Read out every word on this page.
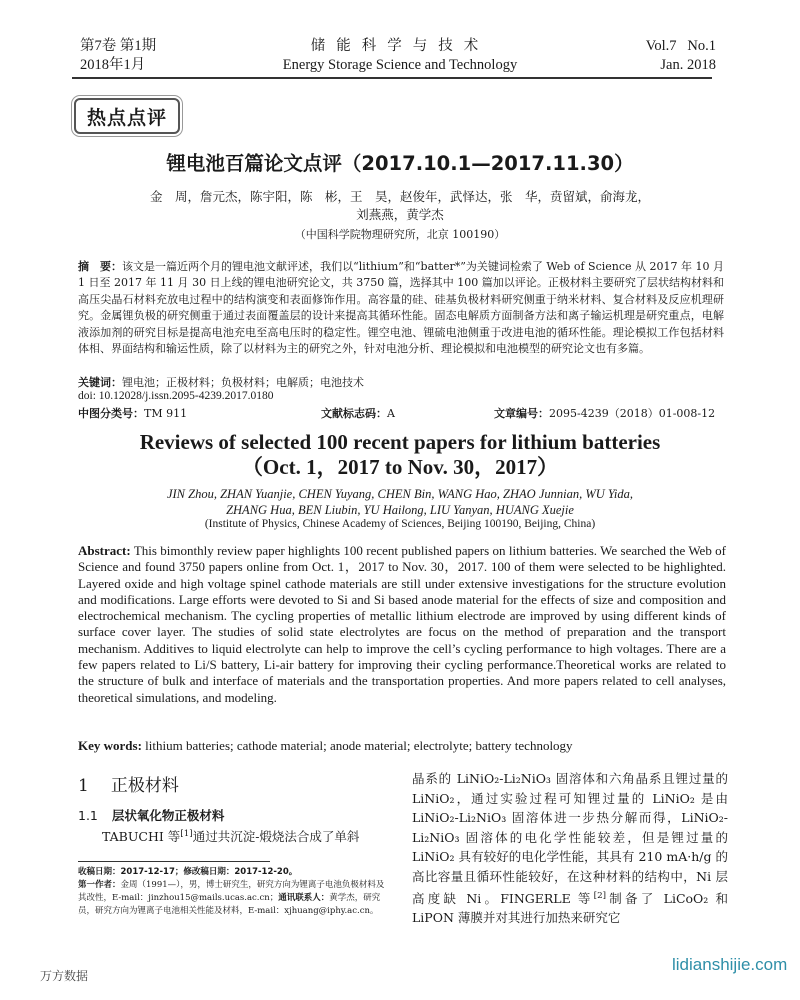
第7卷 第1期
2018年1月
储能科学与技术
Energy Storage Science and Technology
Vol.7   No.1
Jan. 2018
热点点评
锂电池百篇论文点评（2017.10.1—2017.11.30）
金　周，詹元杰，陈宇阳，陈　彬，王　昊，赵俊年，武怿达，张　华，贲留斌，俞海龙，
刘燕燕，黄学杰
（中国科学院物理研究所，北京 100190）
摘　要：该文是一篇近两个月的锂电池文献评述，我们以“lithium”和“batter*”为关键词检索了 Web of Science 从 2017 年 10 月 1 日至 2017 年 11 月 30 日上线的锂电池研究论文，共 3750 篇，选择其中 100 篇加以评论。正极材料主要研究了层状结构材料和高压尖晶石材料充放电过程中的结构演变和表面修饰作用。高容量的硅、硅基负极材料研究侧重于纳米材料、复合材料及反应机理研究。金属锂负极的研究侧重于通过表面覆盖层的设计来提高其循环性能。固态电解质方面制备方法和离子输运机理是研究重点，电解液添加剂的研究目标是提高电池充电至高电压时的稳定性。锂空电池、锂硫电池侧重于改进电池的循环性能。理论模拟工作包括材料体相、界面结构和输运性质，除了以材料为主的研究之外，针对电池分析、理论模拟和电池模型的研究论文也有多篇。
关键词：锂电池；正极材料；负极材料；电解质；电池技术
doi: 10.12028/j.issn.2095-4239.2017.0180
中图分类号：TM 911	文献标志码：A	文章编号：2095-4239（2018）01-008-12
Reviews of selected 100 recent papers for lithium batteries
（Oct. 1，2017 to Nov. 30，2017）
JIN Zhou, ZHAN Yuanjie, CHEN Yuyang, CHEN Bin, WANG Hao, ZHAO Junnian, WU Yida,
ZHANG Hua, BEN Liubin, YU Hailong, LIU Yanyan, HUANG Xuejie
(Institute of Physics, Chinese Academy of Sciences, Beijing 100190, Beijing, China)
Abstract: This bimonthly review paper highlights 100 recent published papers on lithium batteries. We searched the Web of Science and found 3750 papers online from Oct. 1，2017 to Nov. 30，2017. 100 of them were selected to be highlighted. Layered oxide and high voltage spinel cathode materials are still under extensive investigations for the structure evolution and modifications. Large efforts were devoted to Si and Si based anode material for the effects of size and composition and electrochemical mechanism. The cycling properties of metallic lithium electrode are improved by using different kinds of surface cover layer. The studies of solid state electrolytes are focus on the method of preparation and the transport mechanism. Additives to liquid electrolyte can help to improve the cell’s cycling performance to high voltages. There are a few papers related to Li/S battery, Li-air battery for improving their cycling performance.Theoretical works are related to the structure of bulk and interface of materials and the transportation properties. And more papers related to cell analyses, theoretical simulations, and modeling.
Key words: lithium batteries; cathode material; anode material; electrolyte; battery technology
1 正极材料
1.1 层状氧化物正极材料
TABUCHI 等[1]通过共沉淀-煅烧法合成了单斜
收稿日期：2017-12-17；修改稿日期：2017-12-20。
第一作者：金周（1991—），男，博士研究生，研究方向为锂离子电池负极材料及其改性，E-mail：jinzhou15@mails.ucas.ac.cn；通讯联系人：黄学杰，研究员，研究方向为锂离子电池相关性能及材料，E-mail：xjhuang@iphy.ac.cn。
晶系的 LiNiO₂-Li₂NiO₃ 固溶体和六角晶系且锂过量的 LiNiO₂，通过实验过程可知锂过量的 LiNiO₂ 是由 LiNiO₂-Li₂NiO₃ 固溶体进一步热分解而得，LiNiO₂-Li₂NiO₃ 固溶体的电化学性能较差，但是锂过量的 LiNiO₂ 具有较好的电化学性能，其具有 210 mA·h/g 的高比容量且循环性能较好，在这种材料的结构中，Ni 层高度缺 Ni。FINGERLE 等[2]制备了 LiCoO₂ 和 LiPON 薄膜并对其进行加热来研究它
万方数据
lidianshijie.com
